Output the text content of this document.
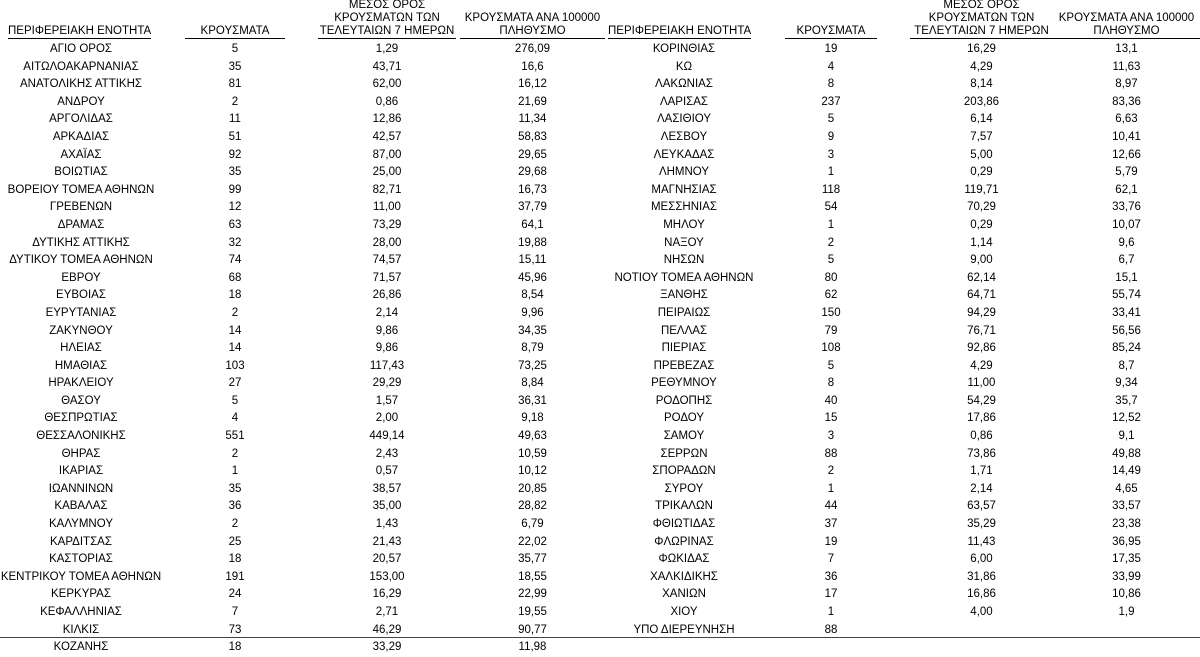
ΠΕΡΙΦΕΡΕΙΑΚΗ ΕΝΟΤΗΤΑ	ΚΡΟΥΣΜΑΤΑ
ΜΕΣΟΣ ΟΡΟΣ
ΚΡΟΥΣΜΑΤΩΝ ΤΩΝ
ΤΕΛΕΥΤΑΙΩΝ 7 ΗΜΕΡΩΝ
ΚΡΟΥΣΜΑΤΑ ΑΝΑ 100000
ΠΛΗΘΥΣΜΟ
ΑΓΙΟ ΟΡΟΣ	5	1,29	276,09
ΑΙΤΩΛΟΑΚΑΡΝΑΝΙΑΣ	35	43,71	16,6
ΑΝΑΤΟΛΙΚΗΣ ΑΤΤΙΚΗΣ	81	62,00	16,12
ΑΝΔΡΟΥ	2	0,86	21,69
ΑΡΓΟΛΙΔΑΣ	11	12,86	11,34
ΑΡΚΑΔΙΑΣ	51	42,57	58,83
ΑΧΑΪΑΣ	92	87,00	29,65
ΒΟΙΩΤΙΑΣ	35	25,00	29,68
ΒΟΡΕΙΟΥ ΤΟΜΕΑ ΑΘΗΝΩΝ	99	82,71	16,73
ΓΡΕΒΕΝΩΝ	12	11,00	37,79
ΔΡΑΜΑΣ	63	73,29	64,1
ΔΥΤΙΚΗΣ ΑΤΤΙΚΗΣ	32	28,00	19,88
ΔΥΤΙΚΟΥ ΤΟΜΕΑ ΑΘΗΝΩΝ	74	74,57	15,11
ΕΒΡΟΥ	68	71,57	45,96
ΕΥΒΟΙΑΣ	18	26,86	8,54
ΕΥΡΥΤΑΝΙΑΣ	2	2,14	9,96
ΖΑΚΥΝΘΟΥ	14	9,86	34,35
ΗΛΕΙΑΣ	14	9,86	8,79
ΗΜΑΘΙΑΣ	103	117,43	73,25
ΗΡΑΚΛΕΙΟΥ	27	29,29	8,84
ΘΑΣΟΥ	5	1,57	36,31
ΘΕΣΠΡΩΤΙΑΣ	4	2,00	9,18
ΘΕΣΣΑΛΟΝΙΚΗΣ	551	449,14	49,63
ΘΗΡΑΣ	2	2,43	10,59
ΙΚΑΡΙΑΣ	1	0,57	10,12
ΙΩΑΝΝΙΝΩΝ	35	38,57	20,85
ΚΑΒΑΛΑΣ	36	35,00	28,82
ΚΑΛΥΜΝΟΥ	2	1,43	6,79
ΚΑΡΔΙΤΣΑΣ	25	21,43	22,02
ΚΑΣΤΟΡΙΑΣ	18	20,57	35,77
ΚΕΝΤΡΙΚΟΥ ΤΟΜΕΑ ΑΘΗΝΩΝ	191	153,00	18,55
ΚΕΡΚΥΡΑΣ	24	16,29	22,99
ΚΕΦΑΛΛΗΝΙΑΣ	7	2,71	19,55
ΚΙΛΚΙΣ	73	46,29	90,77
ΚΟΖΑΝΗΣ	18	33,29	11,98
ΠΕΡΙΦΕΡΕΙΑΚΗ ΕΝΟΤΗΤΑ	ΚΡΟΥΣΜΑΤΑ
ΜΕΣΟΣ ΟΡΟΣ
ΚΡΟΥΣΜΑΤΩΝ ΤΩΝ
ΤΕΛΕΥΤΑΙΩΝ 7 ΗΜΕΡΩΝ
ΚΡΟΥΣΜΑΤΑ ΑΝΑ 100000
ΠΛΗΘΥΣΜΟ
ΚΟΡΙΝΘΙΑΣ	19	16,29	13,1
ΚΩ	4	4,29	11,63
ΛΑΚΩΝΙΑΣ	8	8,14	8,97
ΛΑΡΙΣΑΣ	237	203,86	83,36
ΛΑΣΙΘΙΟΥ	5	6,14	6,63
ΛΕΣΒΟΥ	9	7,57	10,41
ΛΕΥΚΑΔΑΣ	3	5,00	12,66
ΛΗΜΝΟΥ	1	0,29	5,79
ΜΑΓΝΗΣΙΑΣ	118	119,71	62,1
ΜΕΣΣΗΝΙΑΣ	54	70,29	33,76
ΜΗΛΟΥ	1	0,29	10,07
ΝΑΞΟΥ	2	1,14	9,6
ΝΗΣΩΝ	5	9,00	6,7
ΝΟΤΙΟΥ ΤΟΜΕΑ ΑΘΗΝΩΝ	80	62,14	15,1
ΞΑΝΘΗΣ	62	64,71	55,74
ΠΕΙΡΑΙΩΣ	150	94,29	33,41
ΠΕΛΛΑΣ	79	76,71	56,56
ΠΙΕΡΙΑΣ	108	92,86	85,24
ΠΡΕΒΕΖΑΣ	5	4,29	8,7
ΡΕΘΥΜΝΟΥ	8	11,00	9,34
ΡΟΔΟΠΗΣ	40	54,29	35,7
ΡΟΔΟΥ	15	17,86	12,52
ΣΑΜΟΥ	3	0,86	9,1
ΣΕΡΡΩΝ	88	73,86	49,88
ΣΠΟΡΑΔΩΝ	2	1,71	14,49
ΣΥΡΟΥ	1	2,14	4,65
ΤΡΙΚΑΛΩΝ	44	63,57	33,57
ΦΘΙΩΤΙΔΑΣ	37	35,29	23,38
ΦΛΩΡΙΝΑΣ	19	11,43	36,95
ΦΩΚΙΔΑΣ	7	6,00	17,35
ΧΑΛΚΙΔΙΚΗΣ	36	31,86	33,99
ΧΑΝΙΩΝ	17	16,86	10,86
ΧΙΟΥ	1	4,00	1,9
ΥΠΟ ΔΙΕΡΕΥΝΗΣΗ	88
